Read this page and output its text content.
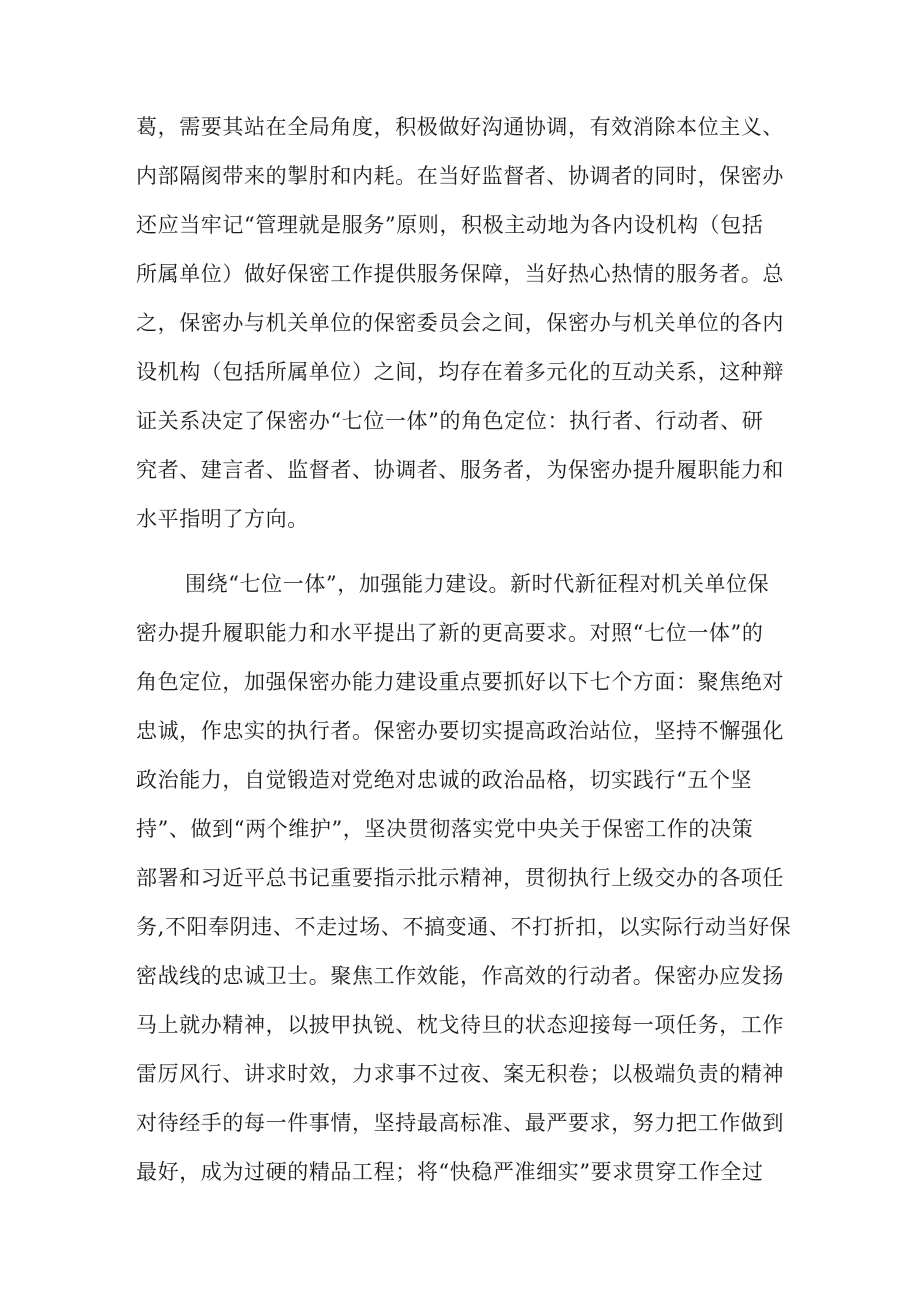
葛，需要其站在全局角度，积极做好沟通协调，有效消除本位主义、
内部隔阂带来的掣肘和内耗。在当好监督者、协调者的同时，保密办
还应当牢记“管理就是服务”原则，积极主动地为各内设机构（包括
所属单位）做好保密工作提供服务保障，当好热心热情的服务者。总
之，保密办与机关单位的保密委员会之间，保密办与机关单位的各内
设机构（包括所属单位）之间，均存在着多元化的互动关系，这种辩
证关系决定了保密办“七位一体”的角色定位：执行者、行动者、研
究者、建言者、监督者、协调者、服务者，为保密办提升履职能力和
水平指明了方向。
围绕“七位一体”，加强能力建设。新时代新征程对机关单位保
密办提升履职能力和水平提出了新的更高要求。对照“七位一体”的
角色定位，加强保密办能力建设重点要抓好以下七个方面：聚焦绝对
忠诚，作忠实的执行者。保密办要切实提高政治站位，坚持不懈强化
政治能力，自觉锻造对党绝对忠诚的政治品格，切实践行“五个坚
持”、做到“两个维护”，坚决贯彻落实党中央关于保密工作的决策
部署和习近平总书记重要指示批示精神，贯彻执行上级交办的各项任
务,不阳奉阴违、不走过场、不搞变通、不打折扣，以实际行动当好保
密战线的忠诚卫士。聚焦工作效能，作高效的行动者。保密办应发扬
马上就办精神，以披甲执锐、枕戈待旦的状态迎接每一项任务，工作
雷厉风行、讲求时效，力求事不过夜、案无积卷；以极端负责的精神
对待经手的每一件事情，坚持最高标准、最严要求，努力把工作做到
最好，成为过硬的精品工程；将“快稳严准细实”要求贯穿工作全过
